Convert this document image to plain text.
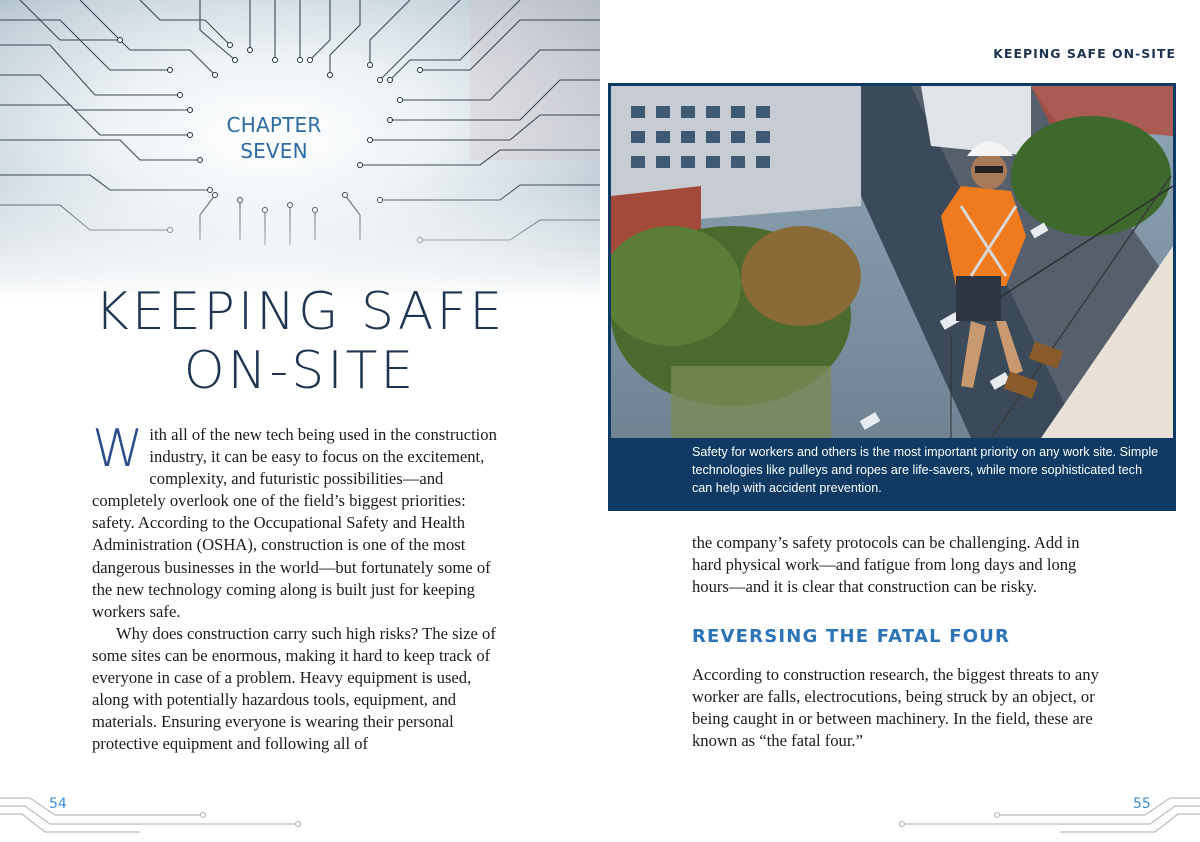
CHAPTER
SEVEN
KEEPING SAFE
ON-SITE

With all of the new tech being used in the construction industry, it can be easy to focus on the excitement, complexity, and futuristic possibilities—and completely overlook one of the field’s biggest priorities: safety. According to the Occupational Safety and Health Administration (OSHA), construction is one of the most dangerous businesses in the world—but fortunately some of the new technology coming along is built just for keeping workers safe.

Why does construction carry such high risks? The size of some sites can be enormous, making it hard to keep track of everyone in case of a problem. Heavy equipment is used, along with potentially hazardous tools, equipment, and materials. Ensuring everyone is wearing their personal protective equipment and following all of

54
KEEPING SAFE ON-SITE
Safety for workers and others is the most important priority on any work site. Simple technologies like pulleys and ropes are life-savers, while more sophisticated tech can help with accident prevention.

the company’s safety protocols can be challenging. Add in hard physical work—and fatigue from long days and long hours—and it is clear that construction can be risky.

REVERSING THE FATAL FOUR

According to construction research, the biggest threats to any worker are falls, electrocutions, being struck by an object, or being caught in or between machinery. In the field, these are known as “the fatal four.”

55
